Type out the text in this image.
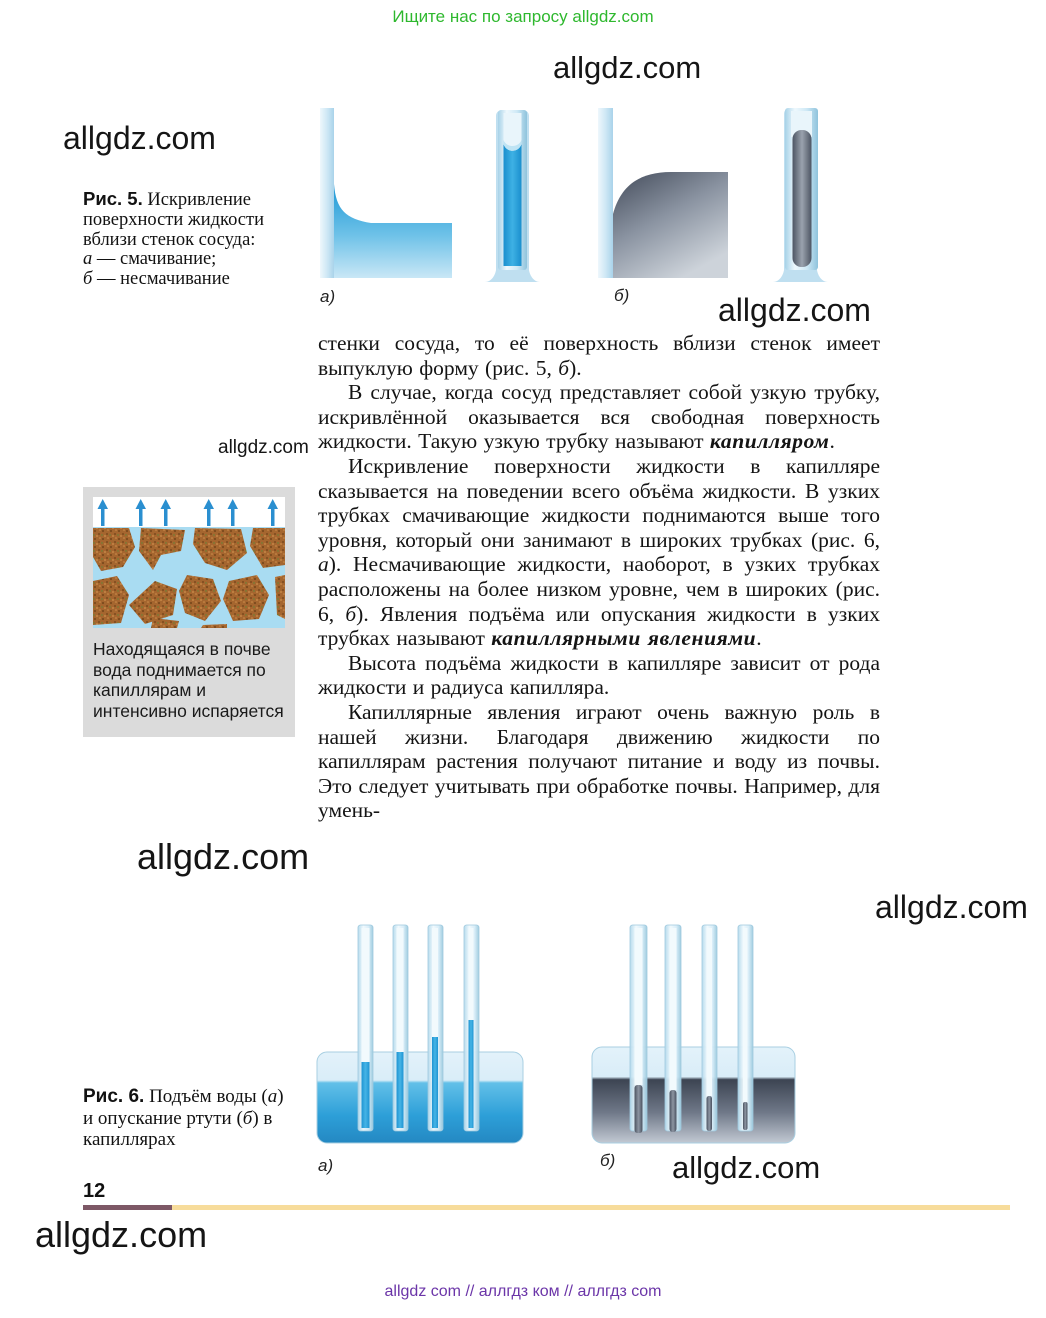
Ищите нас по запросу allgdz.com
allgdz.com
allgdz.com
allgdz.com
allgdz.com
allgdz.com
allgdz.com
allgdz.com
allgdz.com
Рис. 5. Искривление поверхности жидкости вблизи стенок сосуда:
а — смачивание;
б — несмачивание
а)	б)
Находящаяся в почве вода поднимается по капиллярам и интенсивно испаряется

стенки сосуда, то её поверхность вблизи стенок имеет выпуклую форму (рис. 5, б).

В случае, когда сосуд представляет собой узкую трубку, искривлённой оказывается вся свободная поверхность жидкости. Такую узкую трубку называют капилляром.

Искривление поверхности жидкости в капилляре сказывается на поведении всего объёма жидкости. В узких трубках смачивающие жидкости поднимаются выше того уровня, который они занимают в широких трубках (рис. 6, а). Несмачивающие жидкости, наоборот, в узких трубках расположены на более низком уровне, чем в широких (рис. 6, б). Явления подъёма или опускания жидкости в узких трубках называют капиллярными явлениями.

Высота подъёма жидкости в капилляре зависит от рода жидкости и радиуса капилляра.

Капиллярные явления играют очень важную роль в нашей жизни. Благодаря движению жидкости по капиллярам растения получают питание и воду из почвы. Это следует учитывать при обработке почвы. Например, для умень-

а)	б)
Рис. 6. Подъём воды (а) и опускание ртути (б) в капиллярах
12
allgdz com // аллгдз ком // аллгдз com
